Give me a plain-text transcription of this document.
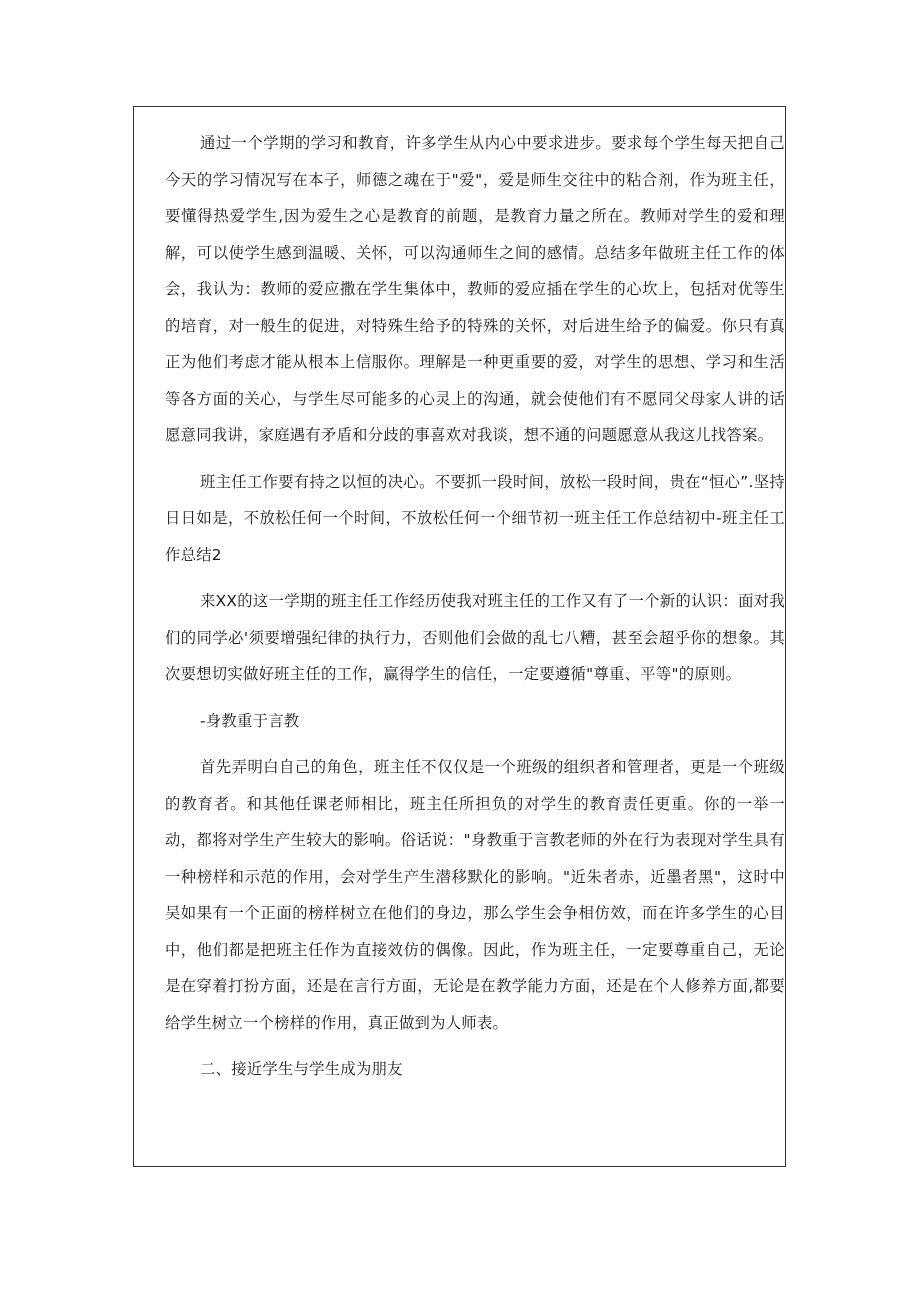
通过一个学期的学习和教育，许多学生从内心中要求进步。要求每个学生每天把自己今天的学习情况写在本子，师德之魂在于"爱"，爱是师生交往中的粘合剂，作为班主任，要懂得热爱学生,因为爱生之心是教育的前题，是教育力量之所在。教师对学生的爱和理解，可以使学生感到温暖、关怀，可以沟通师生之间的感情。总结多年做班主任工作的体会，我认为：教师的爱应撒在学生集体中，教师的爱应插在学生的心坎上，包括对优等生的培育，对一般生的促进，对特殊生给予的特殊的关怀，对后进生给予的偏爱。你只有真正为他们考虑才能从根本上信服你。理解是一种更重要的爱，对学生的思想、学习和生活等各方面的关心，与学生尽可能多的心灵上的沟通，就会使他们有不愿同父母家人讲的话愿意同我讲，家庭遇有矛盾和分歧的事喜欢对我谈，想不通的问题愿意从我这儿找答案。

班主任工作要有持之以恒的决心。不要抓一段时间，放松一段时间，贵在“恒心”.坚持日日如是，不放松任何一个时间，不放松任何一个细节初一班主任工作总结初中-班主任工作总结2

来XX的这一学期的班主任工作经历使我对班主任的工作又有了一个新的认识：面对我们的同学必'须要增强纪律的执行力，否则他们会做的乱七八糟，甚至会超乎你的想象。其次要想切实做好班主任的工作，赢得学生的信任，一定要遵循"尊重、平等"的原则。

-身教重于言教

首先弄明白自己的角色，班主任不仅仅是一个班级的组织者和管理者，更是一个班级的教育者。和其他任课老师相比，班主任所担负的对学生的教育责任更重。你的一举一动，都将对学生产生较大的影响。俗话说："身教重于言教老师的外在行为表现对学生具有一种榜样和示范的作用，会对学生产生潜移默化的影响。"近朱者赤，近墨者黑"，这时中吴如果有一个正面的榜样树立在他们的身边，那么学生会争相仿效，而在许多学生的心目中，他们都是把班主任作为直接效仿的偶像。因此，作为班主任，一定要尊重自己，无论是在穿着打扮方面，还是在言行方面，无论是在教学能力方面，还是在个人修养方面,都要给学生树立一个榜样的作用，真正做到为人师表。

二、接近学生与学生成为朋友
